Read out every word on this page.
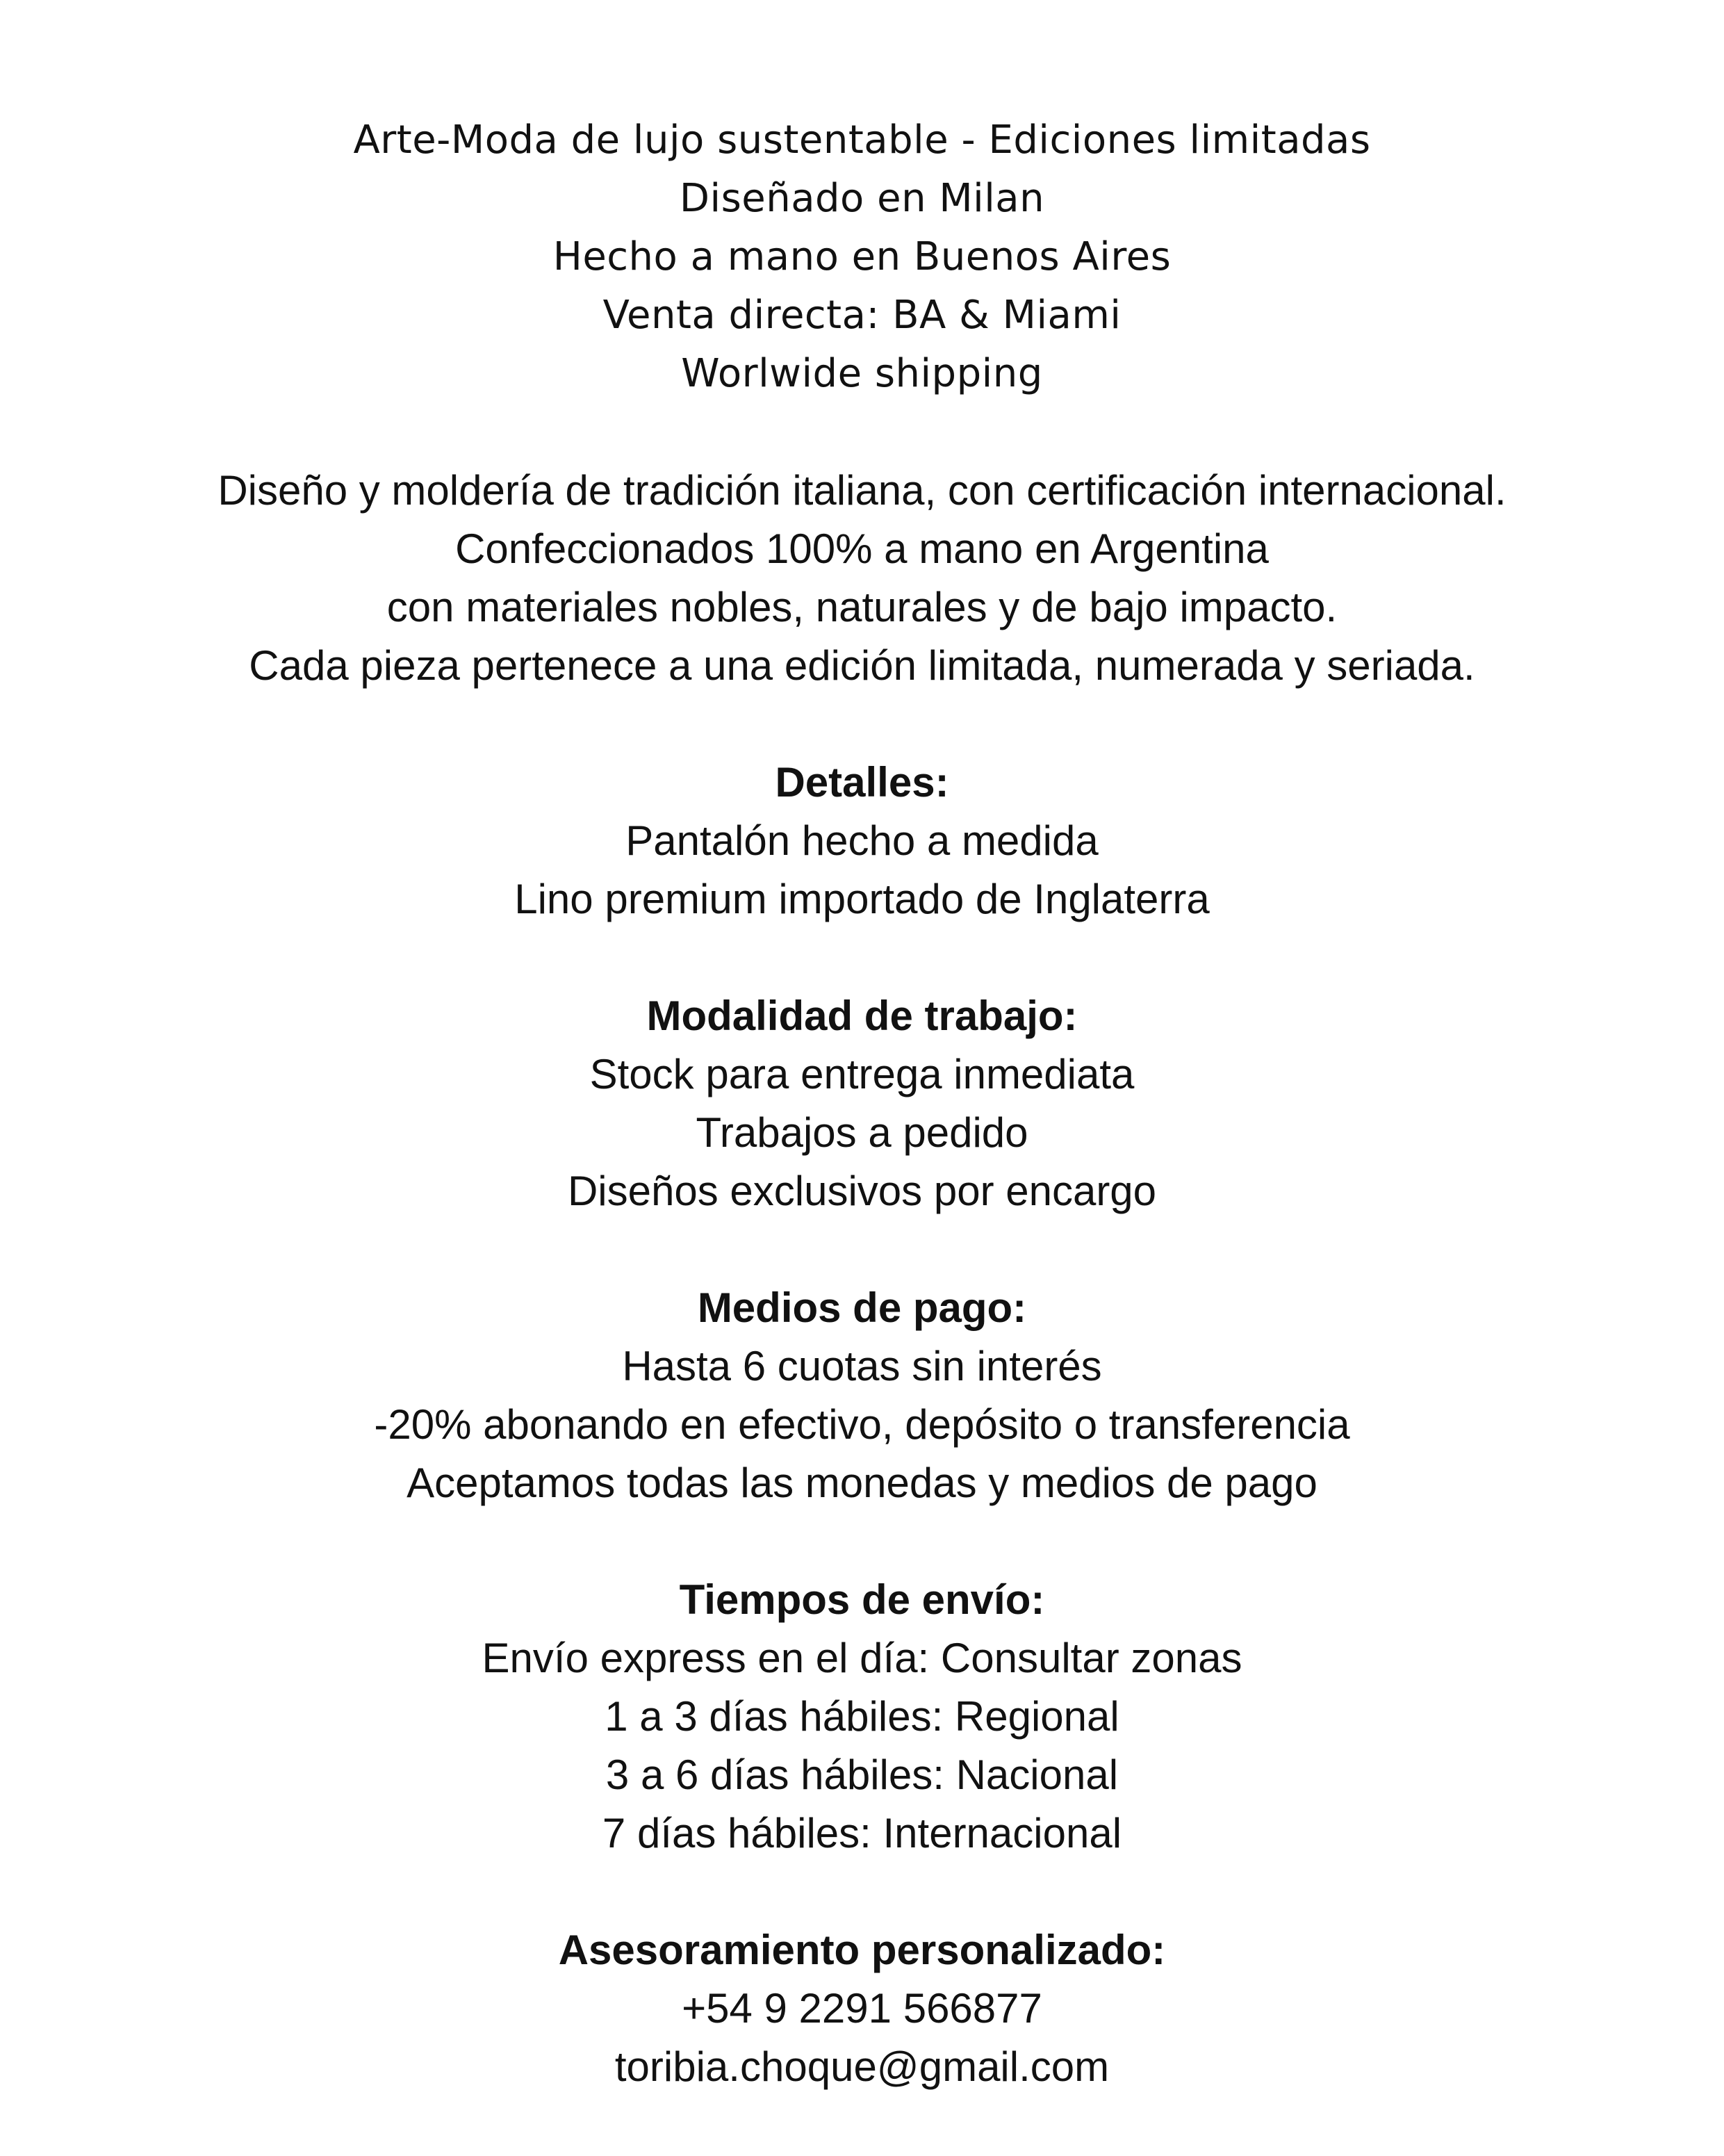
Arte-Moda de lujo sustentable - Ediciones limitadas
Diseñado en Milan
Hecho a mano en Buenos Aires
Venta directa: BA & Miami
Worlwide shipping
Diseño y moldería de tradición italiana, con certificación internacional.
Confeccionados 100% a mano en Argentina
con materiales nobles, naturales y de bajo impacto.
Cada pieza pertenece a una edición limitada, numerada y seriada.
Detalles:
Pantalón hecho a medida
Lino premium importado de Inglaterra
Modalidad de trabajo:
Stock para entrega inmediata
Trabajos a pedido
Diseños exclusivos por encargo
Medios de pago:
Hasta 6 cuotas sin interés
-20% abonando en efectivo, depósito o transferencia
Aceptamos todas las monedas y medios de pago
Tiempos de envío:
Envío express en el día: Consultar zonas
1 a 3 días hábiles: Regional
3 a 6 días hábiles: Nacional
7 días hábiles: Internacional
Asesoramiento personalizado:
+54 9 2291 566877
toribia.choque@gmail.com
